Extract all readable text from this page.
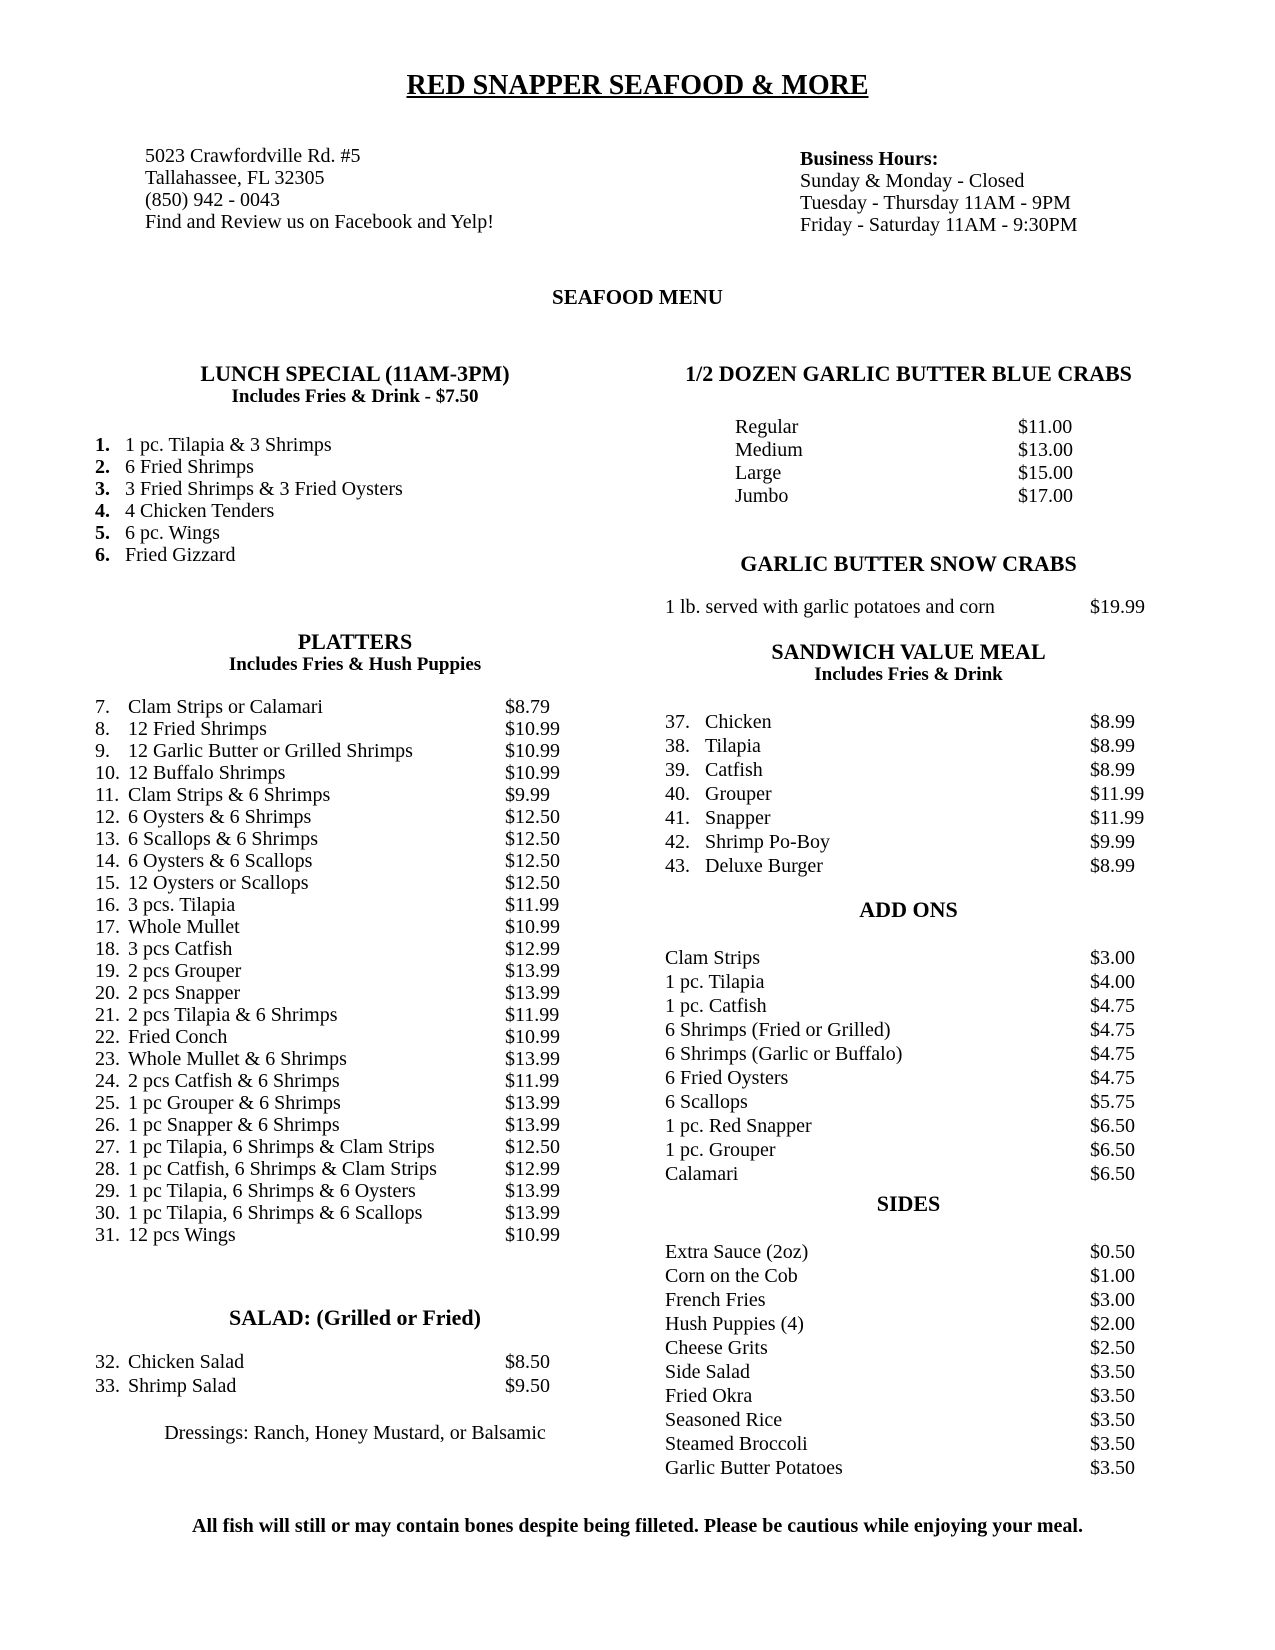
RED SNAPPER SEAFOOD & MORE
5023 Crawfordville Rd. #5
Tallahassee, FL 32305
(850) 942 - 0043
Find and Review us on Facebook and Yelp!
Business Hours:
Sunday & Monday - Closed
Tuesday - Thursday 11AM - 9PM
Friday - Saturday 11AM - 9:30PM
SEAFOOD MENU
LUNCH SPECIAL (11AM-3PM)
Includes Fries & Drink - $7.50
1. 1 pc. Tilapia & 3 Shrimps
2. 6 Fried Shrimps
3. 3 Fried Shrimps & 3 Fried Oysters
4. 4 Chicken Tenders
5. 6 pc. Wings
6. Fried Gizzard
PLATTERS
Includes Fries & Hush Puppies
7. Clam Strips or Calamari	$8.79
8. 12 Fried Shrimps	$10.99
9. 12 Garlic Butter or Grilled Shrimps	$10.99
10. 12 Buffalo Shrimps	$10.99
11. Clam Strips & 6 Shrimps	$9.99
12. 6 Oysters & 6 Shrimps	$12.50
13. 6 Scallops & 6 Shrimps	$12.50
14. 6 Oysters & 6 Scallops	$12.50
15. 12 Oysters or Scallops	$12.50
16. 3 pcs. Tilapia	$11.99
17. Whole Mullet	$10.99
18. 3 pcs Catfish	$12.99
19. 2 pcs Grouper	$13.99
20. 2 pcs Snapper	$13.99
21. 2 pcs Tilapia & 6 Shrimps	$11.99
22. Fried Conch	$10.99
23. Whole Mullet & 6 Shrimps	$13.99
24. 2 pcs Catfish & 6 Shrimps	$11.99
25. 1 pc Grouper & 6 Shrimps	$13.99
26. 1 pc Snapper & 6 Shrimps	$13.99
27. 1 pc Tilapia, 6 Shrimps & Clam Strips	$12.50
28. 1 pc Catfish, 6 Shrimps & Clam Strips	$12.99
29. 1 pc Tilapia, 6 Shrimps & 6 Oysters	$13.99
30. 1 pc Tilapia, 6 Shrimps & 6 Scallops	$13.99
31. 12 pcs Wings	$10.99
SALAD: (Grilled or Fried)
32. Chicken Salad	$8.50
33. Shrimp Salad	$9.50
Dressings: Ranch, Honey Mustard, or Balsamic
1/2 DOZEN GARLIC BUTTER BLUE CRABS
Regular	$11.00
Medium	$13.00
Large	$15.00
Jumbo	$17.00
GARLIC BUTTER SNOW CRABS
1 lb. served with garlic potatoes and corn	$19.99
SANDWICH VALUE MEAL
Includes Fries & Drink
37. Chicken	$8.99
38. Tilapia	$8.99
39. Catfish	$8.99
40. Grouper	$11.99
41. Snapper	$11.99
42. Shrimp Po-Boy	$9.99
43. Deluxe Burger	$8.99
ADD ONS
Clam Strips	$3.00
1 pc. Tilapia	$4.00
1 pc. Catfish	$4.75
6 Shrimps (Fried or Grilled)	$4.75
6 Shrimps (Garlic or Buffalo)	$4.75
6 Fried Oysters	$4.75
6 Scallops	$5.75
1 pc. Red Snapper	$6.50
1 pc. Grouper	$6.50
Calamari	$6.50
SIDES
Extra Sauce (2oz)	$0.50
Corn on the Cob	$1.00
French Fries	$3.00
Hush Puppies (4)	$2.00
Cheese Grits	$2.50
Side Salad	$3.50
Fried Okra	$3.50
Seasoned Rice	$3.50
Steamed Broccoli	$3.50
Garlic Butter Potatoes	$3.50
All fish will still or may contain bones despite being filleted. Please be cautious while enjoying your meal.
